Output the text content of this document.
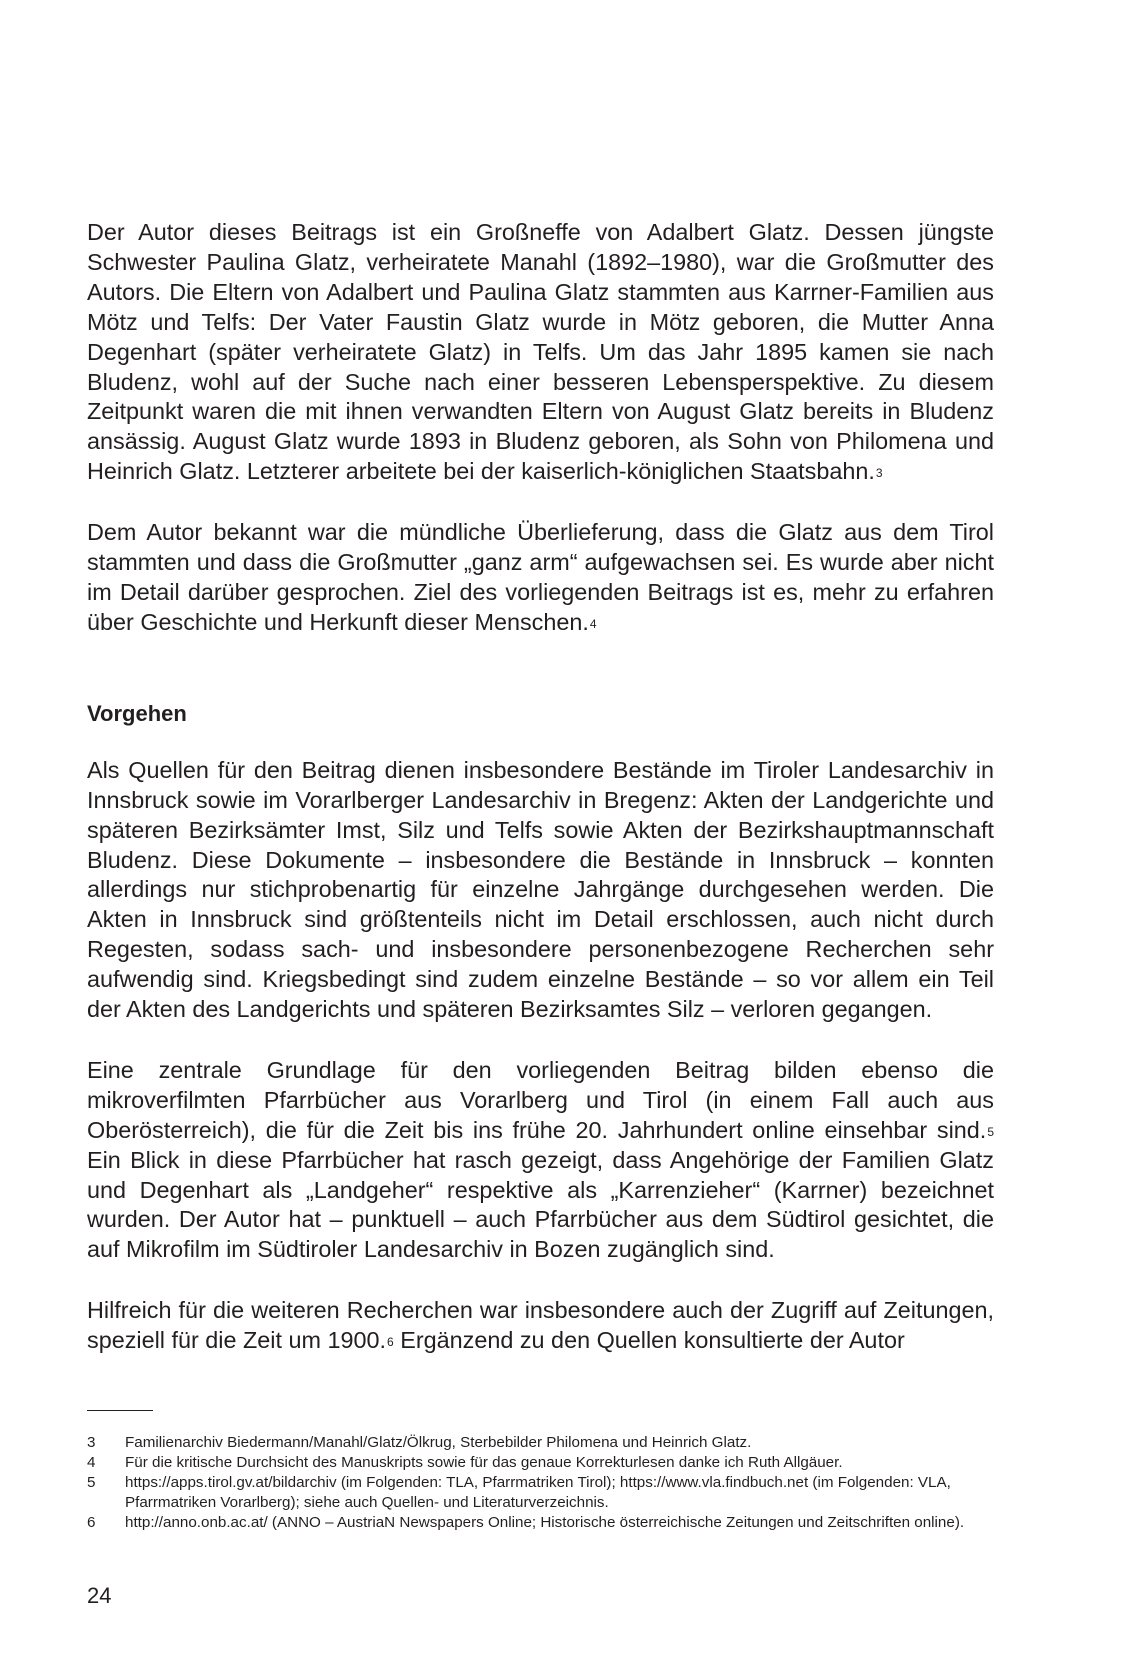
Der Autor dieses Beitrags ist ein Großneffe von Adalbert Glatz. Dessen jüngste Schwester Paulina Glatz, verheiratete Manahl (1892–1980), war die Großmutter des Autors. Die Eltern von Adalbert und Paulina Glatz stammten aus Karrner-Familien aus Mötz und Telfs: Der Vater Faustin Glatz wurde in Mötz geboren, die Mutter Anna Degenhart (später verheiratete Glatz) in Telfs. Um das Jahr 1895 kamen sie nach Bludenz, wohl auf der Suche nach einer besseren Lebensperspektive. Zu diesem Zeitpunkt waren die mit ihnen verwandten Eltern von August Glatz bereits in Bludenz ansässig. August Glatz wurde 1893 in Bludenz geboren, als Sohn von Philomena und Heinrich Glatz. Letzterer arbeitete bei der kaiserlich-königlichen Staatsbahn.$^3$

Dem Autor bekannt war die mündliche Überlieferung, dass die Glatz aus dem Tirol stammten und dass die Großmutter „ganz arm“ aufgewachsen sei. Es wurde aber nicht im Detail darüber gesprochen. Ziel des vorliegenden Beitrags ist es, mehr zu erfahren über Geschichte und Herkunft dieser Menschen.$^4$

Vorgehen

Als Quellen für den Beitrag dienen insbesondere Bestände im Tiroler Landesarchiv in Innsbruck sowie im Vorarlberger Landesarchiv in Bregenz: Akten der Landgerichte und späteren Bezirksämter Imst, Silz und Telfs sowie Akten der Bezirkshauptmannschaft Bludenz. Diese Dokumente – insbesondere die Bestände in Innsbruck – konnten allerdings nur stichprobenartig für einzelne Jahrgänge durchgesehen werden. Die Akten in Innsbruck sind größtenteils nicht im Detail erschlossen, auch nicht durch Regesten, sodass sach- und insbesondere personenbezogene Recherchen sehr aufwendig sind. Kriegsbedingt sind zudem einzelne Bestände – so vor allem ein Teil der Akten des Landgerichts und späteren Bezirksamtes Silz – verloren gegangen.

Eine zentrale Grundlage für den vorliegenden Beitrag bilden ebenso die mikroverfilmten Pfarrbücher aus Vorarlberg und Tirol (in einem Fall auch aus Oberösterreich), die für die Zeit bis ins frühe 20. Jahrhundert online einsehbar sind.$^5$ Ein Blick in diese Pfarrbücher hat rasch gezeigt, dass Angehörige der Familien Glatz und Degenhart als „Landgeher“ respektive als „Karrenzieher“ (Karrner) bezeichnet wurden. Der Autor hat – punktuell – auch Pfarrbücher aus dem Südtirol gesichtet, die auf Mikrofilm im Südtiroler Landesarchiv in Bozen zugänglich sind.

Hilfreich für die weiteren Recherchen war insbesondere auch der Zugriff auf Zeitungen, speziell für die Zeit um 1900.$^6$ Ergänzend zu den Quellen konsultierte der Autor

3	Familienarchiv Biedermann/Manahl/Glatz/Ölkrug, Sterbebilder Philomena und Heinrich Glatz.

4	Für die kritische Durchsicht des Manuskripts sowie für das genaue Korrekturlesen danke ich Ruth Allgäuer.

5	https://apps.tirol.gv.at/bildarchiv (im Folgenden: TLA, Pfarrmatriken Tirol); https://www.vla.findbuch.net (im Folgenden: VLA, Pfarrmatriken Vorarlberg); siehe auch Quellen- und Literaturverzeichnis.

6	http://anno.onb.ac.at/ (ANNO – AustriaN Newspapers Online; Historische österreichische Zeitungen und Zeitschriften online).

24
